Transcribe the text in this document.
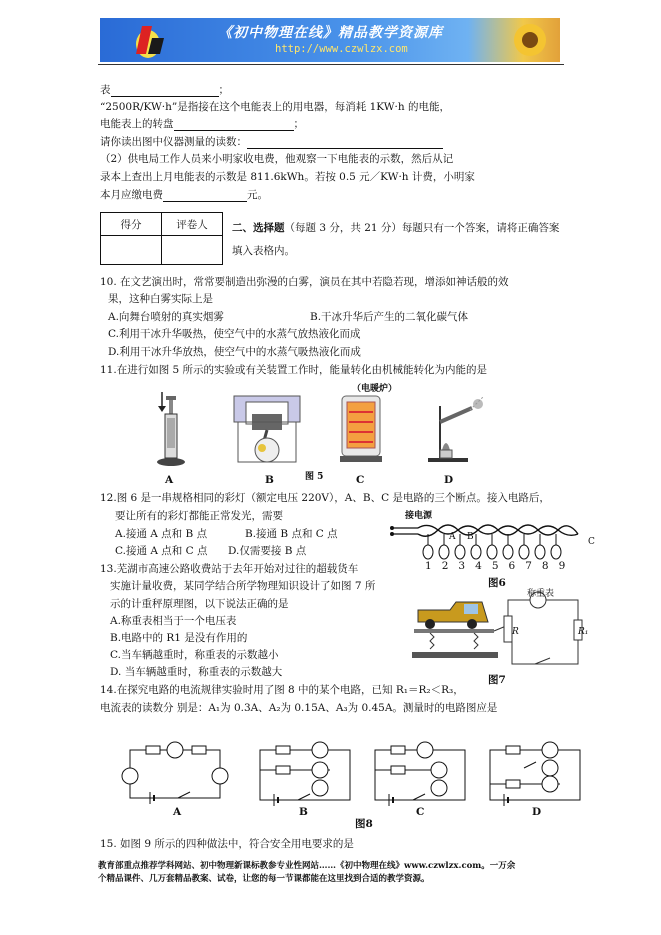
《初中物理在线》精品教学资源库
http://www.czwlzx.com
表	；
“2500R/KW·h”是指接在这个电能表上的用电器，每消耗 1KW·h 的电能，
电能表上的转盘	；
请你读出图中仪器测量的读数：
（2）供电局工作人员来小明家收电费，他观察一下电能表的示数，然后从记
录本上查出上月电能表的示数是 811.6kWh。若按 0.5 元／KW·h 计费，小明家
本月应缴电费	元。
得分	评卷人
	二、选择题（每题 3 分，共 21 分）每题只有一个答案，请将正确答案
填入表格内。
10. 在文艺演出时，常常要制造出弥漫的白雾，演员在其中若隐若现，增添如神话般的效
果，这种白雾实际上是
A.向舞台喷射的真实烟雾	B.干冰升华后产生的二氧化碳气体
C.利用干冰升华吸热，使空气中的水蒸气放热液化而成
D.利用干冰升华放热，使空气中的水蒸气吸热液化而成
11.在进行如图 5 所示的实验或有关装置工作时，能量转化由机械能转化为内能的是
（电暖炉）
A	B	图 5	C	D
12.图 6 是一串规格相同的彩灯（额定电压 220V），A、B、C 是电路的三个断点。接入电路后，
要让所有的彩灯都能正常发光，需要
A.接通 A 点和 B 点	B.接通 B 点和 C 点
C.接通 A 点和 C 点 D.仅需要接 B 点
接电源
A B	C
1 2 3 4 5 6 7 8 9
图6
13.芜湖市高速公路收费站于去年开始对过往的超载货车
实施计量收费，某同学结合所学物理知识设计了如图 7 所
示的计重秤原理图，以下说法正确的是
A.称重表相当于一个电压表
B.电路中的 R1 是没有作用的
C.当车辆越重时，称重表的示数越小
D. 当车辆越重时，称重表的示数越大
称重表
R	R₁
图7
14.在探究电路的电流规律实验时用了图 8 中的某个电路，已知 R₁＝R₂＜R₃，
电流表的读数分 别是：A₁为 0.3A、A₂为 0.15A、A₃为 0.45A。测量时的电路图应是
A	B	C	D
图8
15. 如图 9 所示的四种做法中，符合安全用电要求的是
教育部重点推荐学科网站、初中物理新课标教参专业性网站……《初中物理在线》www.czwlzx.com。一万余
个精品课件、几万套精品教案、试卷，让您的每一节课都能在这里找到合适的教学资源。
